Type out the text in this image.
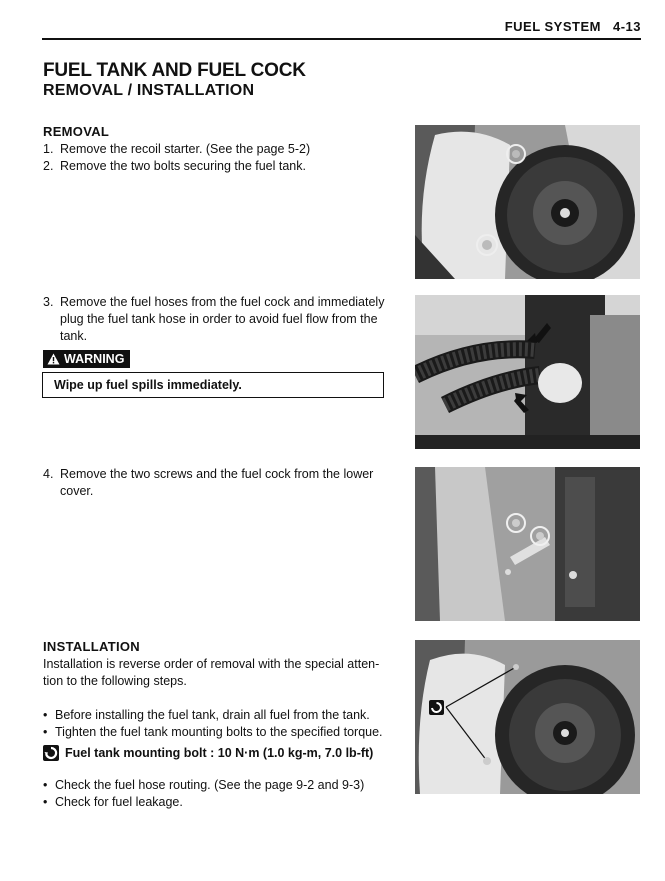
FUEL SYSTEM 4-13
FUEL TANK AND FUEL COCK
REMOVAL / INSTALLATION
REMOVAL
1. Remove the recoil starter. (See the page 5-2)
2. Remove the two bolts securing the fuel tank.
3. Remove the fuel hoses from the fuel cock and immediately
plug the fuel tank hose in order to avoid fuel flow from the
tank.
WARNING
Wipe up fuel spills immediately.
4. Remove the two screws and the fuel cock from the lower
cover.
INSTALLATION
Installation is reverse order of removal with the special atten-
tion to the following steps.
• Before installing the fuel tank, drain all fuel from the tank.
• Tighten the fuel tank mounting bolts to the specified torque.
Fuel tank mounting bolt : 10 N·m (1.0 kg-m, 7.0 lb-ft)
• Check the fuel hose routing. (See the page 9-2 and 9-3)
• Check for fuel leakage.
